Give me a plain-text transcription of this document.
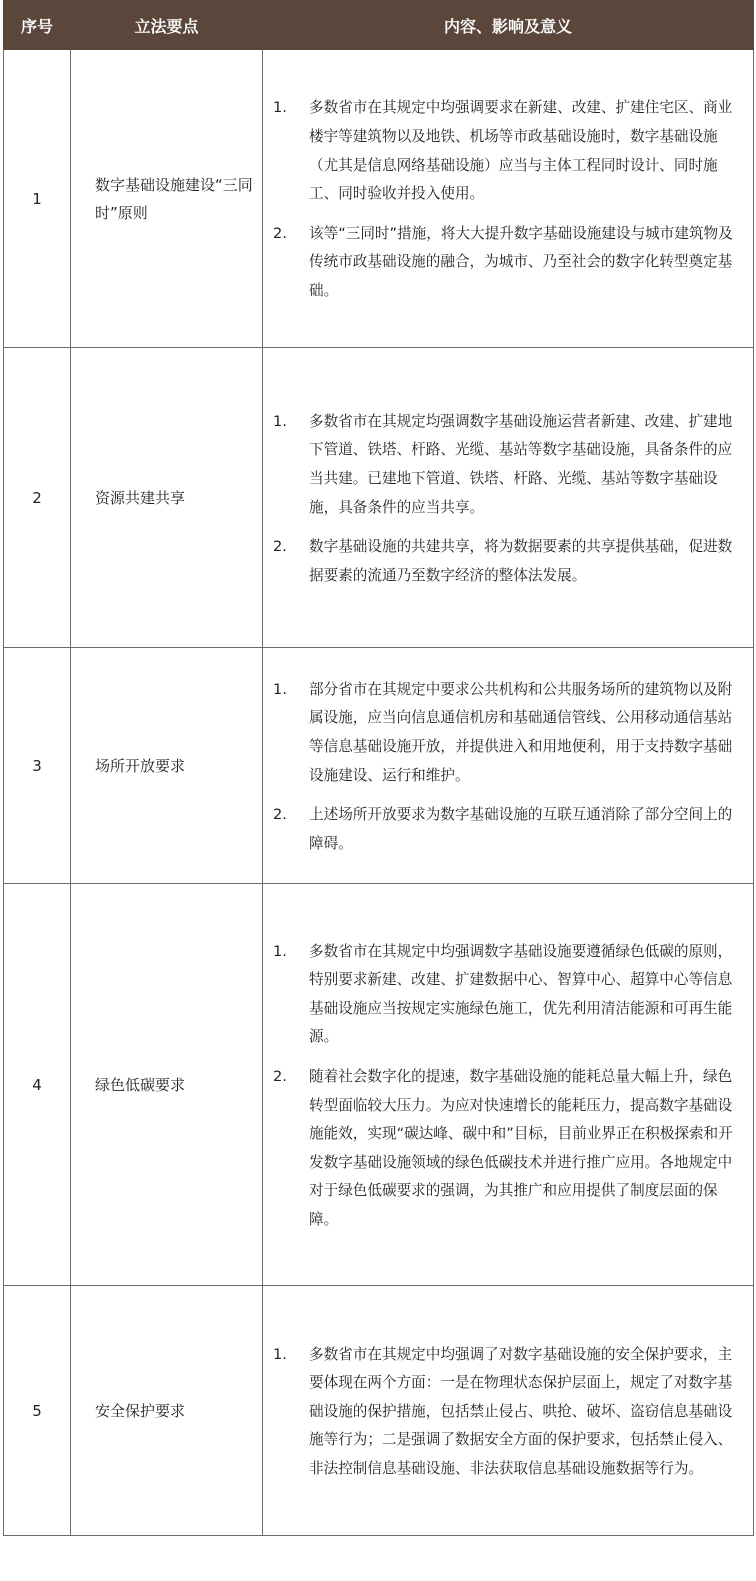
序号	立法要点	内容、影响及意义
1	数字基础设施建设“三同时”原则	1. 多数省市在其规定中均强调要求在新建、改建、扩建住宅区、商业楼宇等建筑物以及地铁、机场等市政基础设施时，数字基础设施（尤其是信息网络基础设施）应当与主体工程同时设计、同时施工、同时验收并投入使用。
2. 该等“三同时”措施，将大大提升数字基础设施建设与城市建筑物及传统市政基础设施的融合，为城市、乃至社会的数字化转型奠定基础。

2	资源共建共享	1. 多数省市在其规定均强调数字基础设施运营者新建、改建、扩建地下管道、铁塔、杆路、光缆、基站等数字基础设施，具备条件的应当共建。已建地下管道、铁塔、杆路、光缆、基站等数字基础设施，具备条件的应当共享。
2. 数字基础设施的共建共享，将为数据要素的共享提供基础，促进数据要素的流通乃至数字经济的整体法发展。

3	场所开放要求	1. 部分省市在其规定中要求公共机构和公共服务场所的建筑物以及附属设施，应当向信息通信机房和基础通信管线、公用移动通信基站等信息基础设施开放，并提供进入和用地便利，用于支持数字基础设施建设、运行和维护。
2. 上述场所开放要求为数字基础设施的互联互通消除了部分空间上的障碍。

4	绿色低碳要求	1. 多数省市在其规定中均强调数字基础设施要遵循绿色低碳的原则，特别要求新建、改建、扩建数据中心、智算中心、超算中心等信息基础设施应当按规定实施绿色施工，优先利用清洁能源和可再生能源。
2. 随着社会数字化的提速，数字基础设施的能耗总量大幅上升，绿色转型面临较大压力。为应对快速增长的能耗压力，提高数字基础设施能效，实现“碳达峰、碳中和”目标，目前业界正在积极探索和开发数字基础设施领域的绿色低碳技术并进行推广应用。各地规定中对于绿色低碳要求的强调，为其推广和应用提供了制度层面的保障。

5	安全保护要求	1. 多数省市在其规定中均强调了对数字基础设施的安全保护要求，主要体现在两个方面：一是在物理状态保护层面上，规定了对数字基础设施的保护措施，包括禁止侵占、哄抢、破坏、盗窃信息基础设施等行为；二是强调了数据安全方面的保护要求，包括禁止侵入、非法控制信息基础设施、非法获取信息基础设施数据等行为。
